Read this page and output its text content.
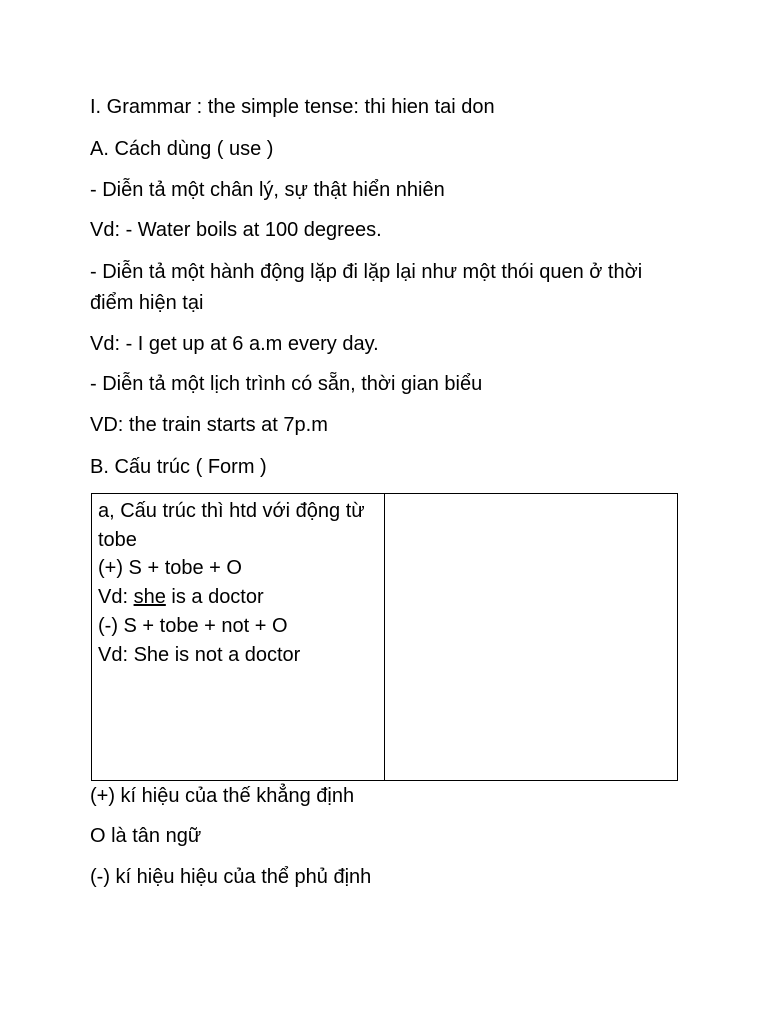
I. Grammar : the simple tense: thi hien tai don

A. Cách dùng ( use )

- Diễn tả một chân lý, sự thật hiển nhiên

Vd: - Water boils at 100 degrees.

- Diễn tả một hành động lặp đi lặp lại như một thói quen ở thời điểm hiện tại

Vd: - I get up at 6 a.m every day.

- Diễn tả một lịch trình có sẵn, thời gian biểu

VD: the train starts at 7p.m

B. Cấu trúc ( Form )

a, Cấu trúc thì htd với động từ tobe
(+) S + tobe + O
Vd: she is a doctor
(-) S + tobe + not + O
Vd: She is not a doctor

(+) kí hiệu của thế khẳng định

O là tân ngữ

(-) kí hiệu hiệu của thể phủ định
